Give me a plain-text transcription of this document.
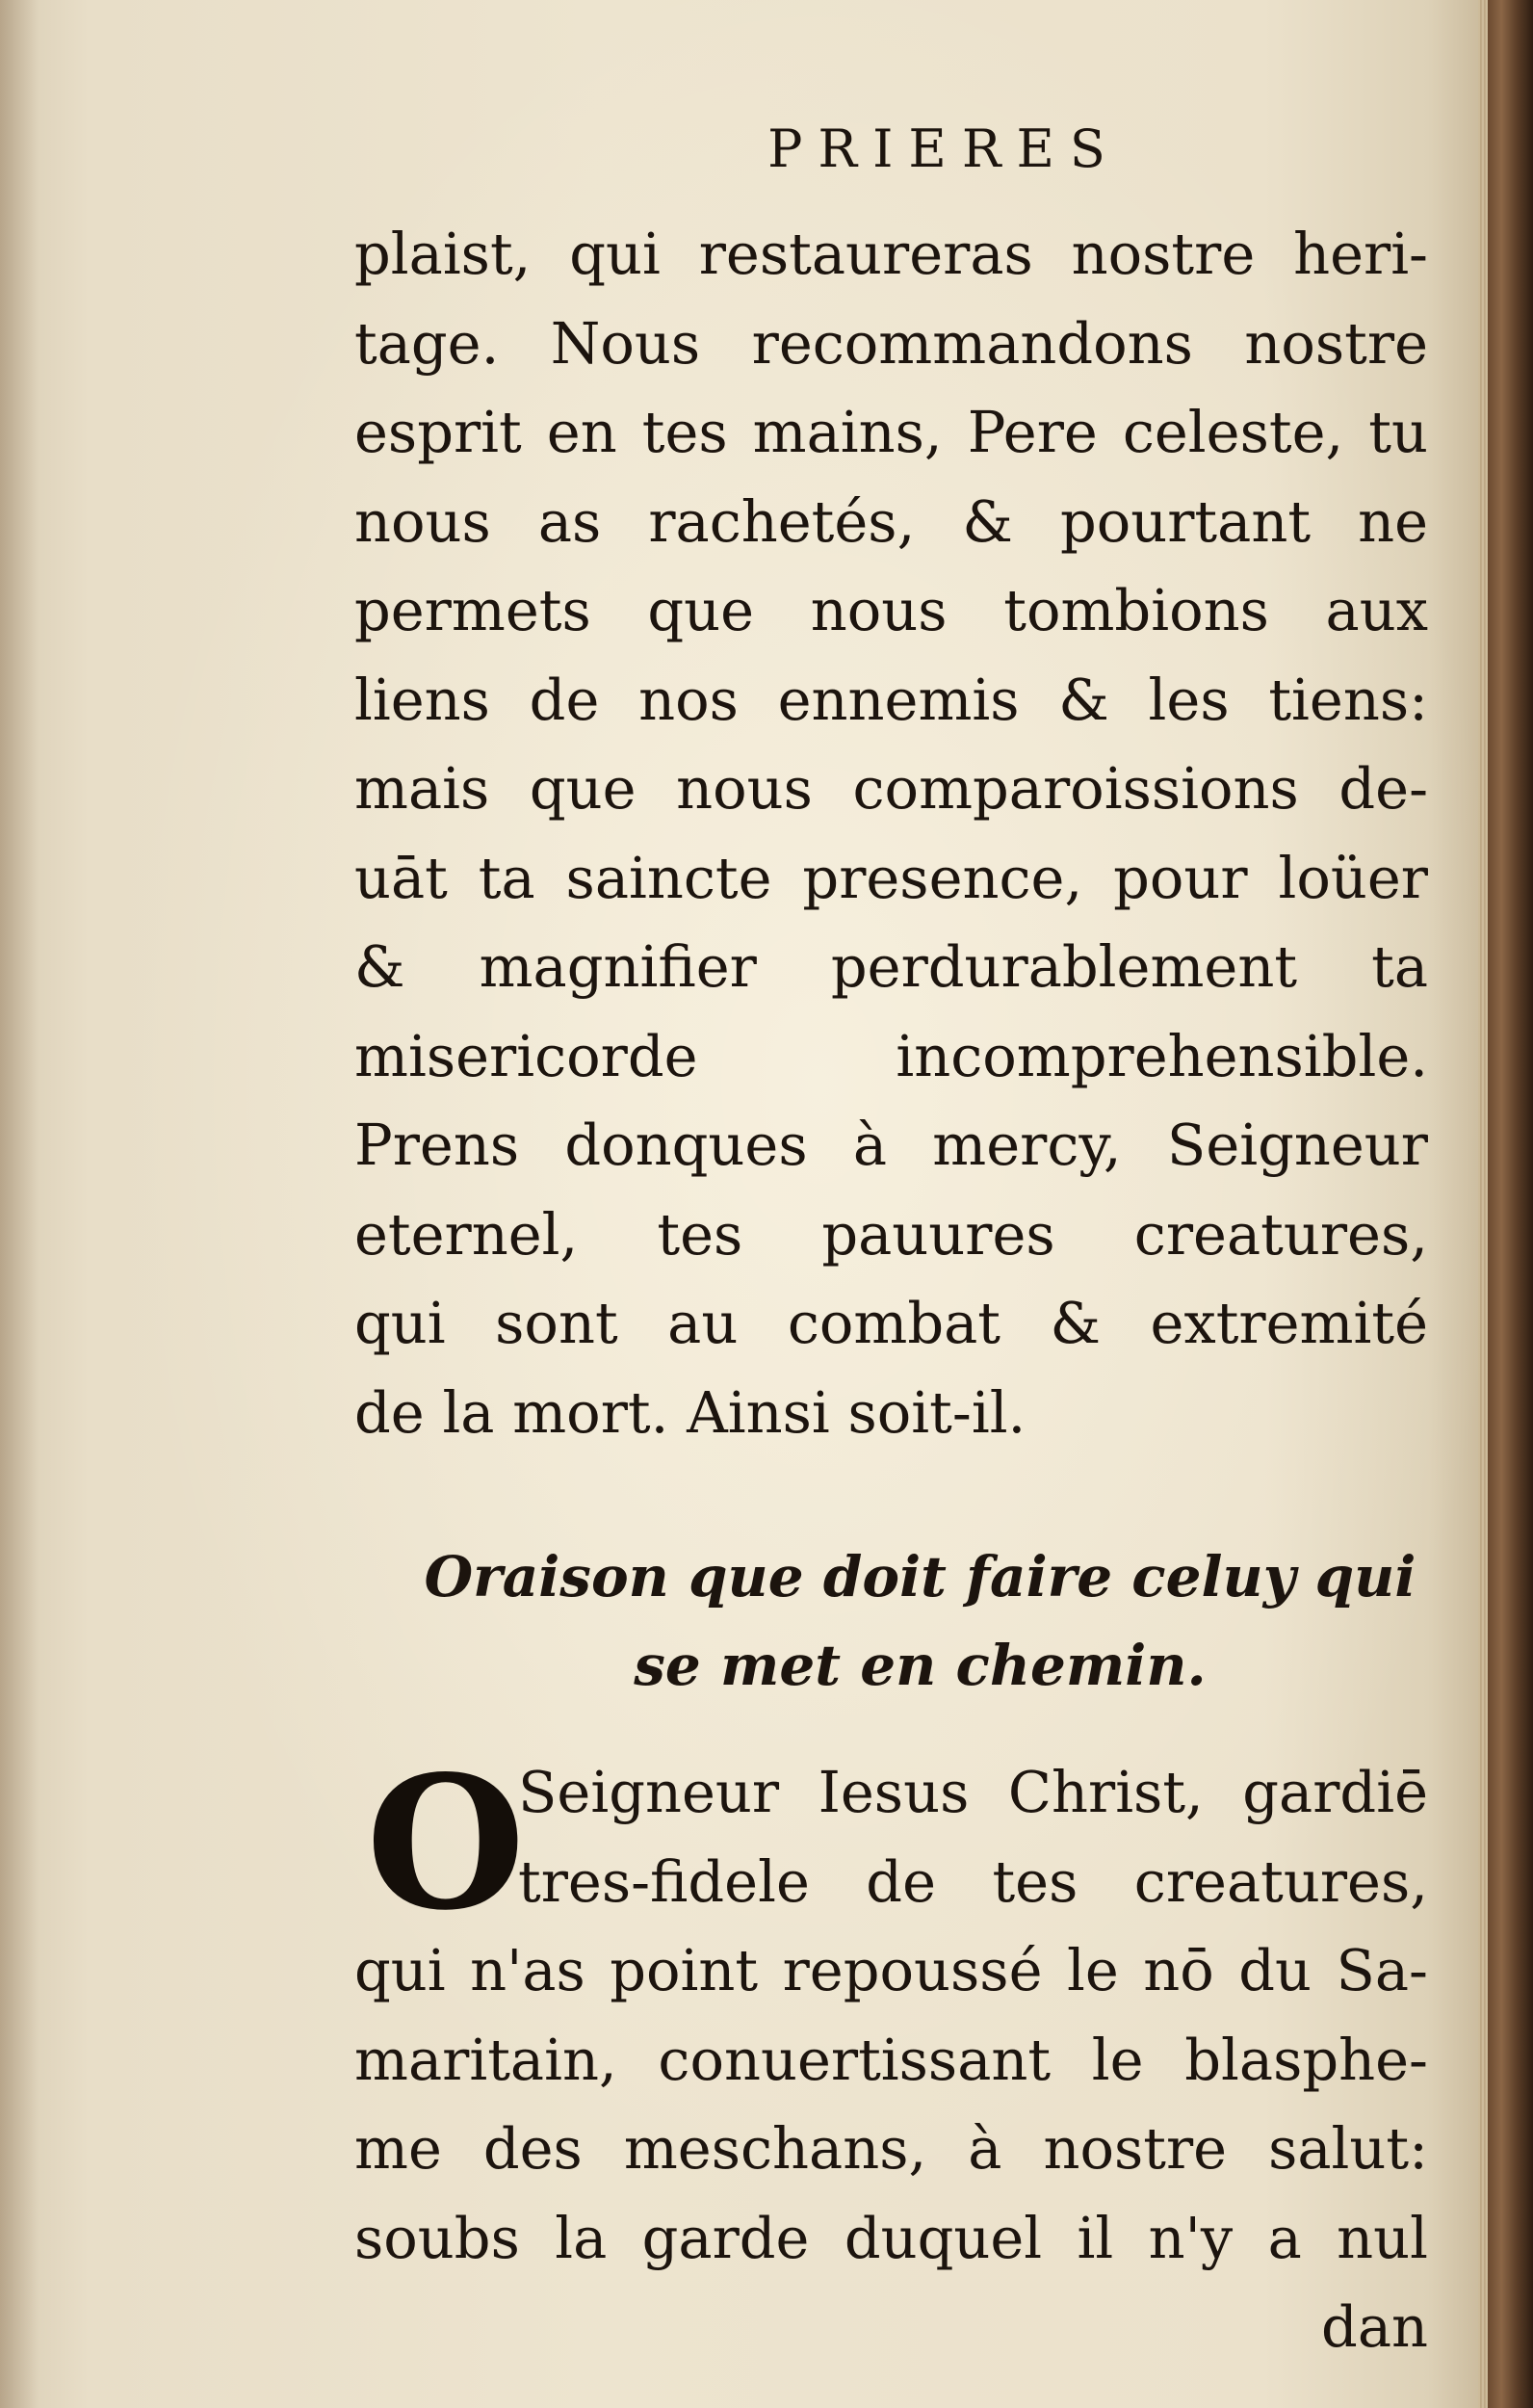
PRIERES
plaist, qui restaureras nostre heri-
tage. Nous recommandons nostre
esprit en tes mains, Pere celeste, tu
nous as rachetés, & pourtant ne
permets que nous tombions aux
liens de nos ennemis & les tiens:
mais que nous comparoissions de-
uāt ta saincte presence, pour loüer
& magnifier perdurablement ta
misericorde incomprehensible.
Prens donques à mercy, Seigneur
eternel, tes pauures creatures,
qui sont au combat & extremité
de la mort. Ainsi soit-il.
Oraison que doit faire celuy qui
se met en chemin.
O
Seigneur Iesus Christ, gardiē
tres-fidele de tes creatures,
qui n'as point repoussé le nō du Sa-
maritain, conuertissant le blasphe-
me des meschans, à nostre salut:
soubs la garde duquel il n'y a nul
dan
